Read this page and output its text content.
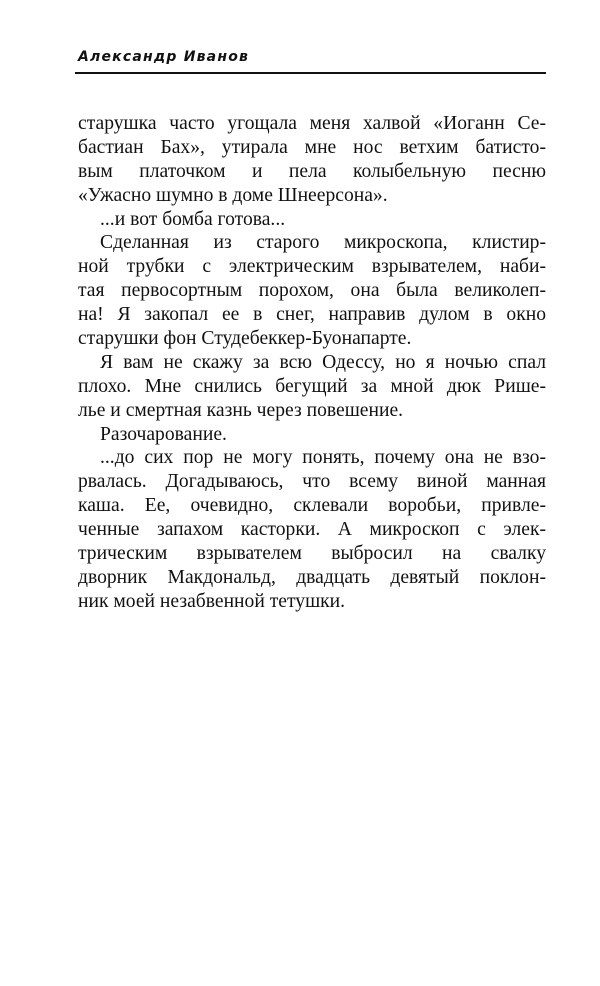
Александр Иванов
старушка часто угощала меня халвой «Иоганн Се-
бастиан Бах», утирала мне нос ветхим батисто-
вым платочком и пела колыбельную песню
«Ужасно шумно в доме Шнеерсона».
...и вот бомба готова...
Сделанная из старого микроскопа, клистир-
ной трубки с электрическим взрывателем, наби-
тая первосортным порохом, она была великолеп-
на! Я закопал ее в снег, направив дулом в окно
старушки фон Студебеккер-Буонапарте.
Я вам не скажу за всю Одессу, но я ночью спал
плохо. Мне снились бегущий за мной дюк Рише-
лье и смертная казнь через повешение.
Разочарование.
...до сих пор не могу понять, почему она не взо-
рвалась. Догадываюсь, что всему виной манная
каша. Ее, очевидно, склевали воробьи, привле-
ченные запахом касторки. А микроскоп с элек-
трическим взрывателем выбросил на свалку
дворник Макдональд, двадцать девятый поклон-
ник моей незабвенной тетушки.
